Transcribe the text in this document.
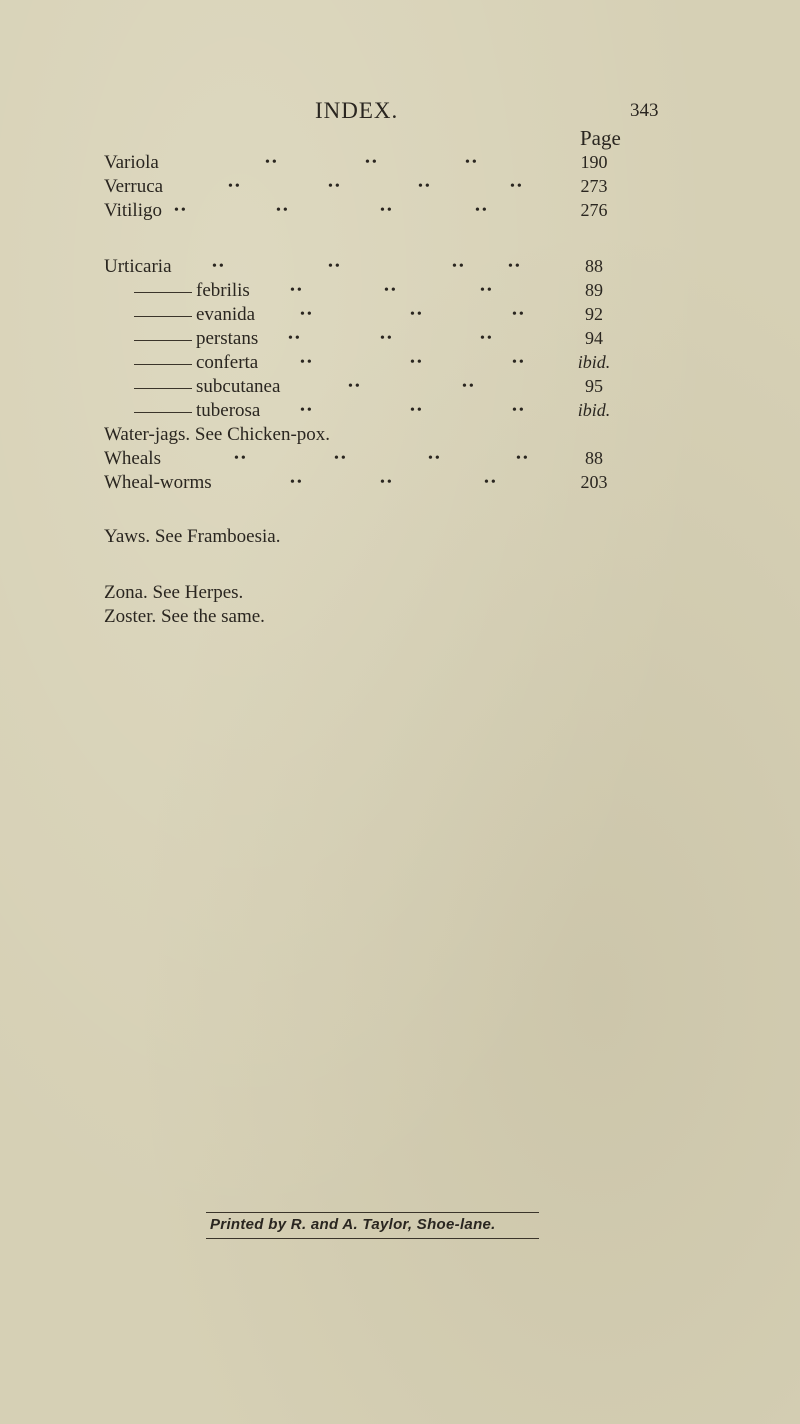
INDEX.	343
Page
Variola	••	••	••	190
Verruca	••	••	••	••	273
Vitiligo ••	••	••	••	276
Urticaria	••	••	••	••	88
febrilis	••	••	••	89
evanida	••	••	••	92
perstans ••	••	••	94
conferta	••	••	••	ibid.
subcutanea	••	••	95
tuberosa	••	••	••	ibid.
Water-jags. See Chicken-pox.
Wheals	••	••	••	••	88
Wheal-worms	••	••	••	203
Yaws. See Framboesia.
Zona. See Herpes.
Zoster. See the same.
Printed by R. and A. Taylor, Shoe-lane.
